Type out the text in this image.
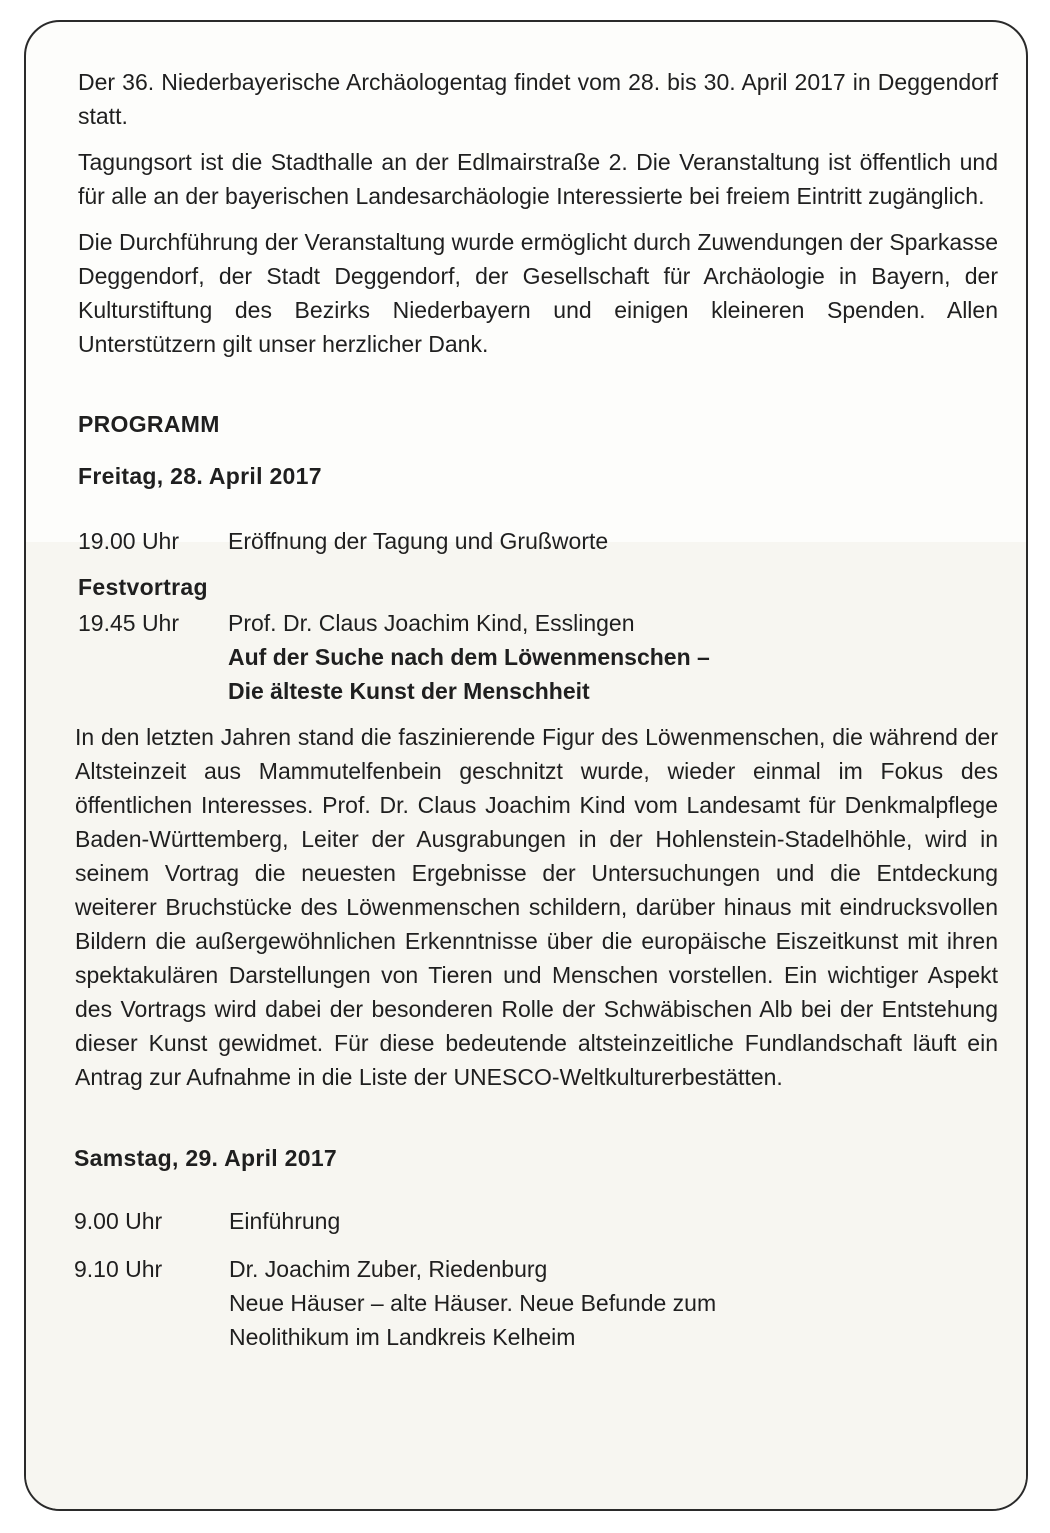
Der 36. Niederbayerische Archäologentag findet vom 28. bis 30. April 2017 in Deggendorf statt.

Tagungsort ist die Stadthalle an der Edlmairstraße 2. Die Veranstaltung ist öffentlich und für alle an der bayerischen Landesarchäologie Interessierte bei freiem Eintritt zugänglich.

Die Durchführung der Veranstaltung wurde ermöglicht durch Zuwendungen der Sparkasse Deggendorf, der Stadt Deggendorf, der Gesellschaft für Archäologie in Bayern, der Kulturstiftung des Bezirks Niederbayern und einigen kleineren Spenden. Allen Unterstützern gilt unser herzlicher Dank.

PROGRAMM
Freitag, 28. April 2017
19.00 Uhr	Eröffnung der Tagung und Grußworte
Festvortrag
19.45 Uhr	Prof. Dr. Claus Joachim Kind, Esslingen
Auf der Suche nach dem Löwenmenschen –
Die älteste Kunst der Menschheit

In den letzten Jahren stand die faszinierende Figur des Löwenmenschen, die während der Altsteinzeit aus Mammutelfenbein geschnitzt wurde, wieder einmal im Fokus des öffentlichen Interesses. Prof. Dr. Claus Joachim Kind vom Landesamt für Denkmalpflege Baden-Württemberg, Leiter der Ausgrabungen in der Hohlenstein-Stadelhöhle, wird in seinem Vortrag die neuesten Ergebnisse der Untersuchungen und die Entdeckung weiterer Bruchstücke des Löwenmenschen schildern, darüber hinaus mit eindrucksvollen Bildern die außergewöhnlichen Erkenntnisse über die europäische Eiszeitkunst mit ihren spektakulären Darstellungen von Tieren und Menschen vorstellen. Ein wichtiger Aspekt des Vortrags wird dabei der besonderen Rolle der Schwäbischen Alb bei der Entstehung dieser Kunst gewidmet. Für diese bedeutende altsteinzeitliche Fundlandschaft läuft ein Antrag zur Aufnahme in die Liste der UNESCO-Weltkulturerbestätten.

Samstag, 29. April 2017
9.00 Uhr	Einführung
9.10 Uhr	Dr. Joachim Zuber, Riedenburg
Neue Häuser – alte Häuser. Neue Befunde zum
Neolithikum im Landkreis Kelheim
